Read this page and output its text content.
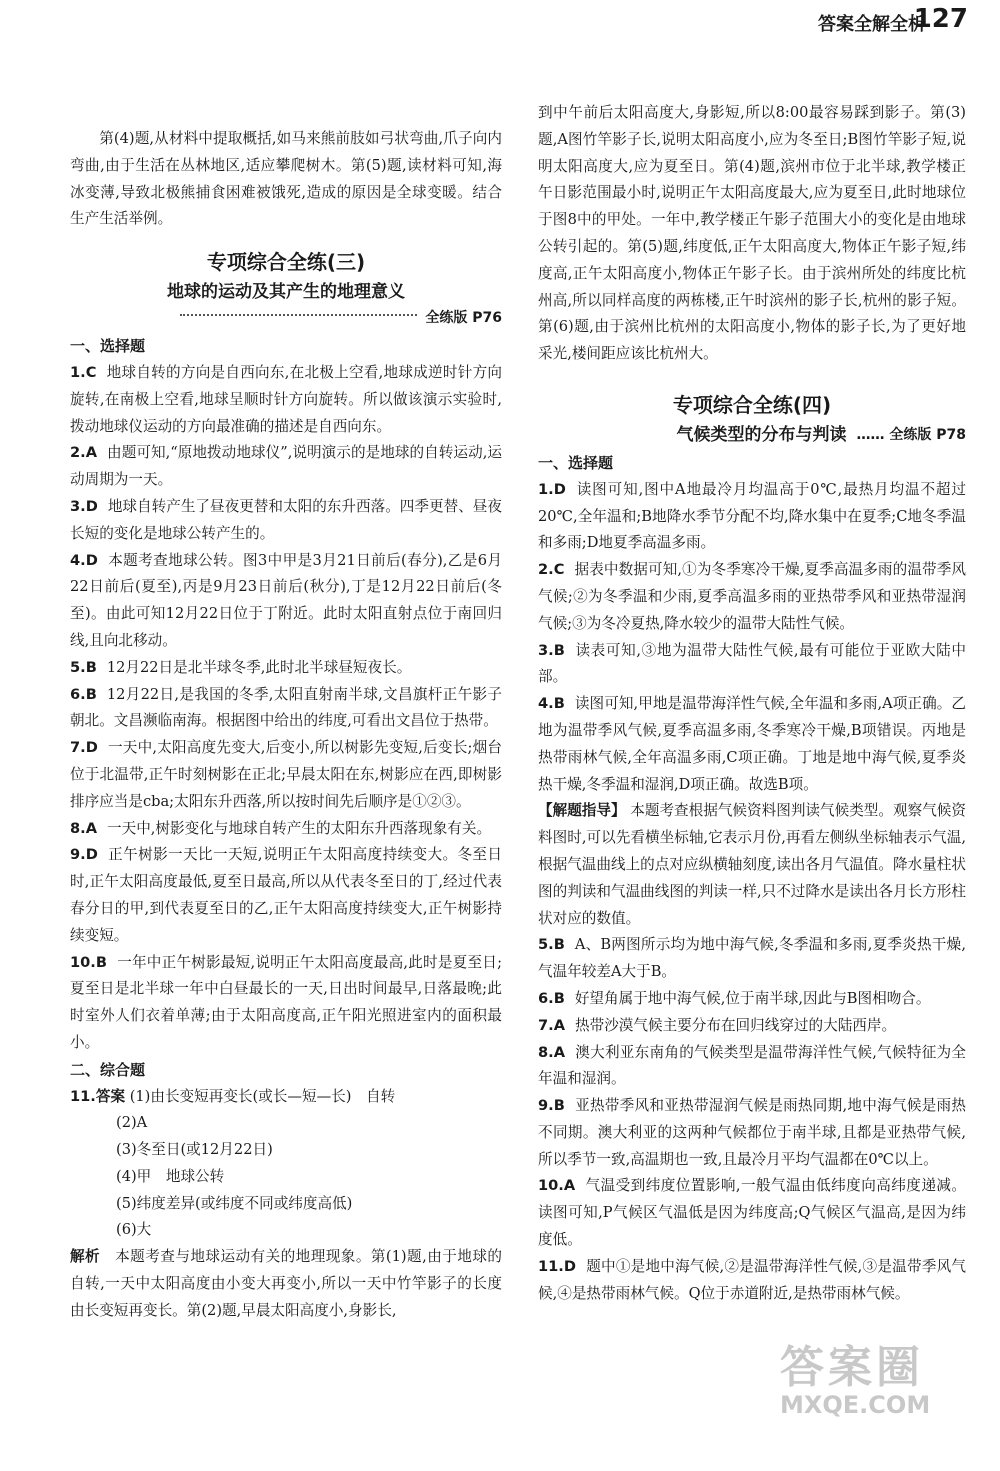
答案全解全析
127

第(4)题,从材料中提取概括,如马来熊前肢如弓状弯曲,爪子向内弯曲,由于生活在丛林地区,适应攀爬树木。第(5)题,读材料可知,海冰变薄,导致北极熊捕食困难被饿死,造成的原因是全球变暖。结合生产生活举例。

专项综合全练(三)
地球的运动及其产生的地理意义
全练版 P76

一、选择题

1.C 地球自转的方向是自西向东,在北极上空看,地球成逆时针方向旋转,在南极上空看,地球呈顺时针方向旋转。所以做该演示实验时,拨动地球仪运动的方向最准确的描述是自西向东。
2.A 由题可知,“原地拨动地球仪”,说明演示的是地球的自转运动,运动周期为一天。
3.D 地球自转产生了昼夜更替和太阳的东升西落。四季更替、昼夜长短的变化是地球公转产生的。
4.D 本题考查地球公转。图3中甲是3月21日前后(春分),乙是6月22日前后(夏至),丙是9月23日前后(秋分),丁是12月22日前后(冬至)。由此可知12月22日位于丁附近。此时太阳直射点位于南回归线,且向北移动。
5.B 12月22日是北半球冬季,此时北半球昼短夜长。
6.B 12月22日,是我国的冬季,太阳直射南半球,文昌旗杆正午影子朝北。文昌濒临南海。根据图中给出的纬度,可看出文昌位于热带。
7.D 一天中,太阳高度先变大,后变小,所以树影先变短,后变长;烟台位于北温带,正午时刻树影在正北;早晨太阳在东,树影应在西,即树影排序应当是cba;太阳东升西落,所以按时间先后顺序是①②③。
8.A 一天中,树影变化与地球自转产生的太阳东升西落现象有关。
9.D 正午树影一天比一天短,说明正午太阳高度持续变大。冬至日时,正午太阳高度最低,夏至日最高,所以从代表冬至日的丁,经过代表春分日的甲,到代表夏至日的乙,正午太阳高度持续变大,正午树影持续变短。
10.B 一年中正午树影最短,说明正午太阳高度最高,此时是夏至日;夏至日是北半球一年中白昼最长的一天,日出时间最早,日落最晚;此时室外人们衣着单薄;由于太阳高度高,正午阳光照进室内的面积最小。

二、综合题

11.答案 (1)由长变短再变长(或长—短—长)　自转
(2)A
(3)冬至日(或12月22日)
(4)甲　地球公转
(5)纬度差异(或纬度不同或纬度高低)
(6)大
解析　 本题考查与地球运动有关的地理现象。第(1)题,由于地球的自转,一天中太阳高度由小变大再变小,所以一天中竹竿影子的长度由长变短再变长。第(2)题,早晨太阳高度小,身影长,

到中午前后太阳高度大,身影短,所以8:00最容易踩到影子。第(3)题,A图竹竿影子长,说明太阳高度小,应为冬至日;B图竹竿影子短,说明太阳高度大,应为夏至日。第(4)题,滨州市位于北半球,教学楼正午日影范围最小时,说明正午太阳高度最大,应为夏至日,此时地球位于图8中的甲处。一年中,教学楼正午影子范围大小的变化是由地球公转引起的。第(5)题,纬度低,正午太阳高度大,物体正午影子短,纬度高,正午太阳高度小,物体正午影子长。由于滨州所处的纬度比杭州高,所以同样高度的两栋楼,正午时滨州的影子长,杭州的影子短。第(6)题,由于滨州比杭州的太阳高度小,物体的影子长,为了更好地采光,楼间距应该比杭州大。

专项综合全练(四)
气候类型的分布与判读 …… 全练版 P78

一、选择题

1.D 读图可知,图中A地最冷月均温高于0℃,最热月均温不超过20℃,全年温和;B地降水季节分配不均,降水集中在夏季;C地冬季温和多雨;D地夏季高温多雨。
2.C 据表中数据可知,①为冬季寒冷干燥,夏季高温多雨的温带季风气候;②为冬季温和少雨,夏季高温多雨的亚热带季风和亚热带湿润气候;③为冬冷夏热,降水较少的温带大陆性气候。
3.B 读表可知,③地为温带大陆性气候,最有可能位于亚欧大陆中部。
4.B 读图可知,甲地是温带海洋性气候,全年温和多雨,A项正确。乙地为温带季风气候,夏季高温多雨,冬季寒冷干燥,B项错误。丙地是热带雨林气候,全年高温多雨,C项正确。丁地是地中海气候,夏季炎热干燥,冬季温和湿润,D项正确。故选B项。
【解题指导】 本题考查根据气候资料图判读气候类型。观察气候资料图时,可以先看横坐标轴,它表示月份,再看左侧纵坐标轴表示气温,根据气温曲线上的点对应纵横轴刻度,读出各月气温值。降水量柱状图的判读和气温曲线图的判读一样,只不过降水是读出各月长方形柱状对应的数值。
5.B A、B两图所示均为地中海气候,冬季温和多雨,夏季炎热干燥,气温年较差A大于B。
6.B 好望角属于地中海气候,位于南半球,因此与B图相吻合。
7.A 热带沙漠气候主要分布在回归线穿过的大陆西岸。
8.A 澳大利亚东南角的气候类型是温带海洋性气候,气候特征为全年温和湿润。
9.B 亚热带季风和亚热带湿润气候是雨热同期,地中海气候是雨热不同期。澳大利亚的这两种气候都位于南半球,且都是亚热带气候,所以季节一致,高温期也一致,且最冷月平均气温都在0℃以上。
10.A 气温受到纬度位置影响,一般气温由低纬度向高纬度递减。读图可知,P气候区气温低是因为纬度高;Q气候区气温高,是因为纬度低。
11.D 题中①是地中海气候,②是温带海洋性气候,③是温带季风气候,④是热带雨林气候。Q位于赤道附近,是热带雨林气候。
答案圈
MXQE.COM
